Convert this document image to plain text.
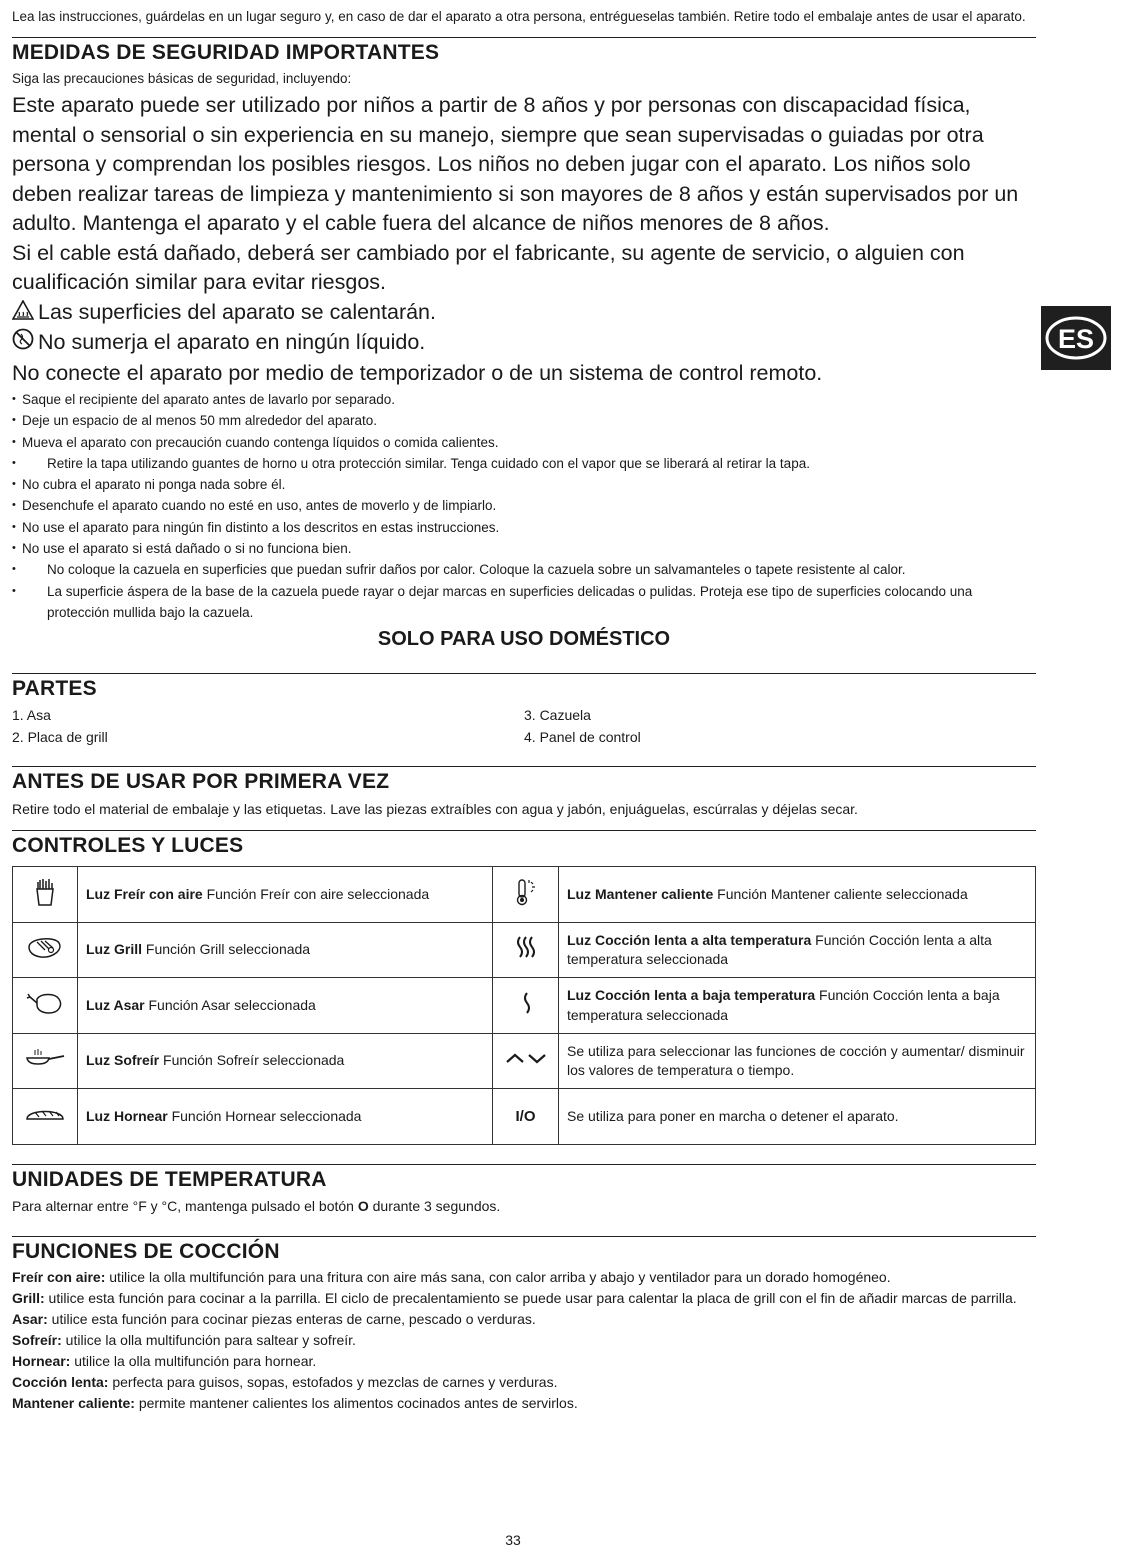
Lea las instrucciones, guárdelas en un lugar seguro y, en caso de dar el aparato a otra persona, entrégueselas también. Retire todo el embalaje antes de usar el aparato.

MEDIDAS DE SEGURIDAD IMPORTANTES

Siga las precauciones básicas de seguridad, incluyendo:

Este aparato puede ser utilizado por niños a partir de 8 años y por personas con discapacidad física, mental o sensorial o sin experiencia en su manejo, siempre que sean supervisadas o guiadas por otra persona y comprendan los posibles riesgos. Los niños no deben jugar con el aparato. Los niños solo deben realizar tareas de limpieza y mantenimiento si son mayores de 8 años y están supervisados por un adulto. Mantenga el aparato y el cable fuera del alcance de niños menores de 8 años.

Si el cable está dañado, deberá ser cambiado por el fabricante, su agente de servicio, o alguien con cualificación similar para evitar riesgos.

Las superficies del aparato se calentarán.

No sumerja el aparato en ningún líquido.

No conecte el aparato por medio de temporizador o de un sistema de control remoto.

• Saque el recipiente del aparato antes de lavarlo por separado.
• Deje un espacio de al menos 50 mm alrededor del aparato.
• Mueva el aparato con precaución cuando contenga líquidos o comida calientes.
• Retire la tapa utilizando guantes de horno u otra protección similar. Tenga cuidado con el vapor que se liberará al retirar la tapa.
• No cubra el aparato ni ponga nada sobre él.
• Desenchufe el aparato cuando no esté en uso, antes de moverlo y de limpiarlo.
• No use el aparato para ningún fin distinto a los descritos en estas instrucciones.
• No use el aparato si está dañado o si no funciona bien.
• No coloque la cazuela en superficies que puedan sufrir daños por calor. Coloque la cazuela sobre un salvamanteles o tapete resistente al calor.
• La superficie áspera de la base de la cazuela puede rayar o dejar marcas en superficies delicadas o pulidas. Proteja ese tipo de superficies colocando una protección mullida bajo la cazuela.

SOLO PARA USO DOMÉSTICO

PARTES
1. Asa
2. Placa de grill
3. Cazuela
4. Panel de control
ANTES DE USAR POR PRIMERA VEZ

Retire todo el material de embalaje y las etiquetas. Lave las piezas extraíbles con agua y jabón, enjuáguelas, escúrralas y déjelas secar.

CONTROLES Y LUCES
	Luz Freír con aire Función Freír con aire seleccionada		Luz Mantener caliente Función Mantener caliente seleccionada
	Luz Grill Función Grill seleccionada		Luz Cocción lenta a alta temperatura Función Cocción lenta a alta temperatura seleccionada
	Luz Asar Función Asar seleccionada		Luz Cocción lenta a baja temperatura Función Cocción lenta a baja temperatura seleccionada
	Luz Sofreír Función Sofreír seleccionada		Se utiliza para seleccionar las funciones de cocción y aumentar/ disminuir los valores de temperatura o tiempo.
	Luz Hornear Función Hornear seleccionada	I/O	Se utiliza para poner en marcha o detener el aparato.
UNIDADES DE TEMPERATURA

Para alternar entre °F y °C, mantenga pulsado el botón O durante 3 segundos.

FUNCIONES DE COCCIÓN

Freír con aire: utilice la olla multifunción para una fritura con aire más sana, con calor arriba y abajo y ventilador para un dorado homogéneo.

Grill: utilice esta función para cocinar a la parrilla. El ciclo de precalentamiento se puede usar para calentar la placa de grill con el fin de añadir marcas de parrilla.

Asar: utilice esta función para cocinar piezas enteras de carne, pescado o verduras.

Sofreír: utilice la olla multifunción para saltear y sofreír.

Hornear: utilice la olla multifunción para hornear.

Cocción lenta: perfecta para guisos, sopas, estofados y mezclas de carnes y verduras.

Mantener caliente: permite mantener calientes los alimentos cocinados antes de servirlos.

ES
33
